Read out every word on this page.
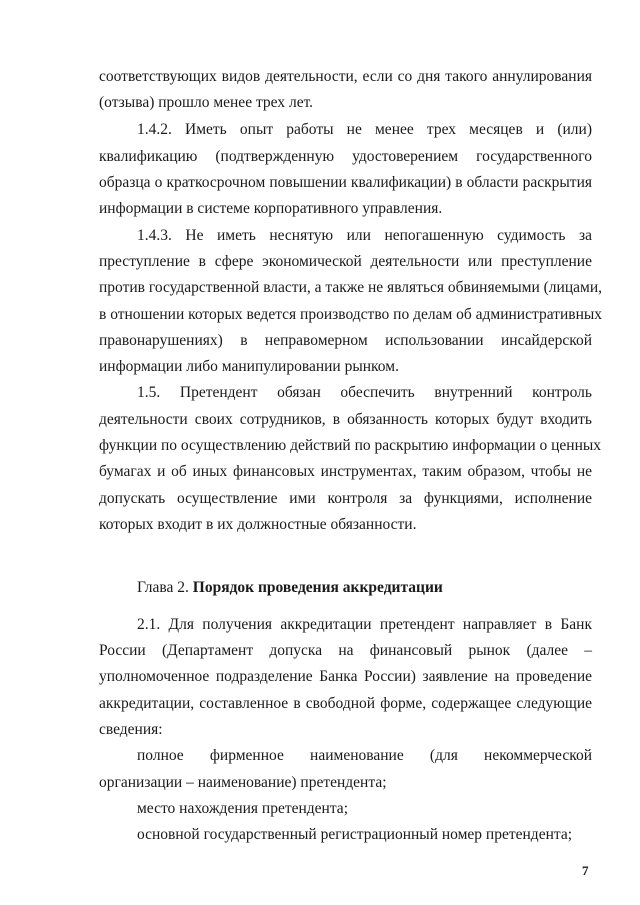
соответствующих видов деятельности, если со дня такого аннулирования
(отзыва) прошло менее трех лет.
1.4.2. Иметь опыт работы не менее трех месяцев и (или)
квалификацию (подтвержденную удостоверением государственного
образца о краткосрочном повышении квалификации) в области раскрытия
информации в системе корпоративного управления.
1.4.3. Не иметь неснятую или непогашенную судимость за
преступление в сфере экономической деятельности или преступление
против государственной власти, а также не являться обвиняемыми (лицами,
в отношении которых ведется производство по делам об административных
правонарушениях) в неправомерном использовании инсайдерской
информации либо манипулировании рынком.
1.5. Претендент обязан обеспечить внутренний контроль
деятельности своих сотрудников, в обязанность которых будут входить
функции по осуществлению действий по раскрытию информации о ценных
бумагах и об иных финансовых инструментах, таким образом, чтобы не
допускать осуществление ими контроля за функциями, исполнение
которых входит в их должностные обязанности.
Глава 2. Порядок проведения аккредитации
2.1. Для получения аккредитации претендент направляет в Банк
России (Департамент допуска на финансовый рынок (далее –
уполномоченное подразделение Банка России) заявление на проведение
аккредитации, составленное в свободной форме, содержащее следующие
сведения:
полное фирменное наименование (для некоммерческой
организации – наименование) претендента;
место нахождения претендента;
основной государственный регистрационный номер претендента;
7
